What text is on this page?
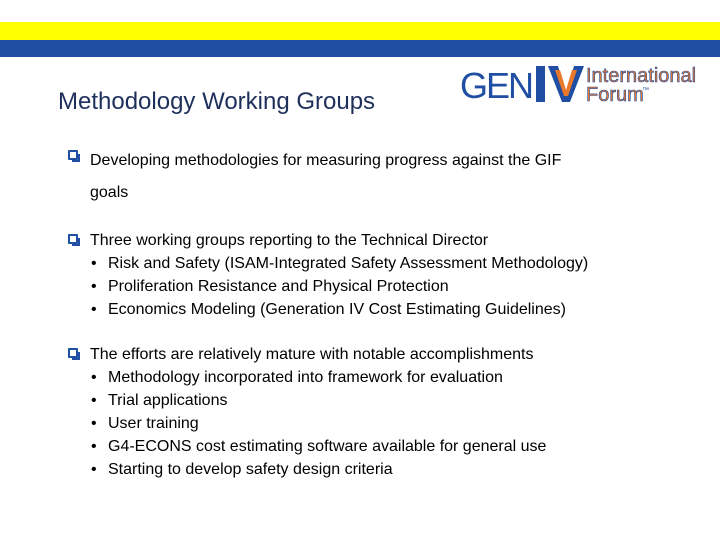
Methodology Working Groups GEN	International
Forum
™
Developing methodologies for measuring progress against the GIF
goals
Three working groups reporting to the Technical Director
• Risk and Safety (ISAM-Integrated Safety Assessment Methodology)
• Proliferation Resistance and Physical Protection
• Economics Modeling (Generation IV Cost Estimating Guidelines)
The efforts are relatively mature with notable accomplishments
• Methodology incorporated into framework for evaluation
• Trial applications
• User training
• G4-ECONS cost estimating software available for general use
• Starting to develop safety design criteria
